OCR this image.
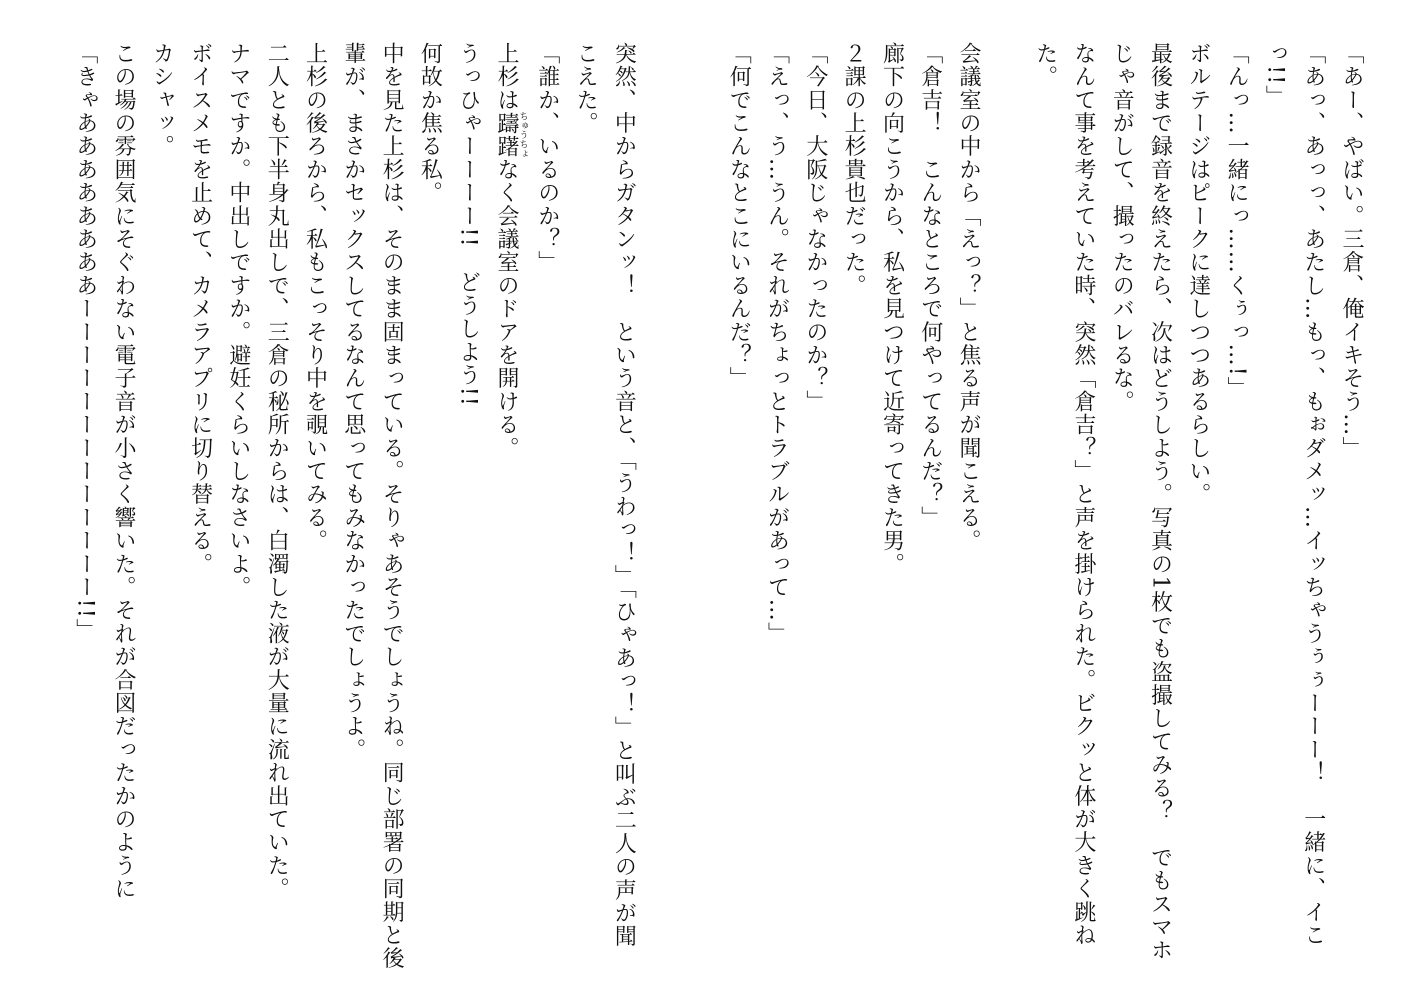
「あー、やばい。三倉、俺イキそう…」
「あっ、あっっ、あたし…もっ、もぉダメッ…イッちゃうぅぅーーー！　一緒に、イこ
っ!!」
「んっ…一緒にっ……くぅっ…!」
ボルテージはピークに達しつつあるらしい。
最後まで録音を終えたら、次はどうしよう。写真の1枚でも盗撮してみる？　でもスマホ
じゃ音がして、撮ったのバレるな。
なんて事を考えていた時、突然「倉吉？」と声を掛けられた。ビクッと体が大きく跳ね
た。
会議室の中から「えっ？」と焦る声が聞こえる。
「倉吉！　こんなところで何やってるんだ？」
廊下の向こうから、私を見つけて近寄ってきた男。
２課の上杉貴也だった。
「今日、大阪じゃなかったのか？」
「えっ、う…うん。それがちょっとトラブルがあって…」
「何でこんなとこにいるんだ？」
突然、中からガタンッ！　という音と、「うわっ！」「ひゃあっ！」と叫ぶ二人の声が聞
こえた。
「誰か、いるのか？」
上杉は躊躇ちゅうちょなく会議室のドアを開ける。
うっひゃーーーー!!　どうしよう!!
何故か焦る私。
中を見た上杉は、そのまま固まっている。そりゃあそうでしょうね。同じ部署の同期と後
輩が、まさかセックスしてるなんて思ってもみなかったでしょうよ。
上杉の後ろから、私もこっそり中を覗いてみる。
二人とも下半身丸出しで、三倉の秘所からは、白濁した液が大量に流れ出ていた。
ナマですか。中出しですか。避妊くらいしなさいよ。
ボイスメモを止めて、カメラアプリに切り替える。
カシャッ。
この場の雰囲気にそぐわない電子音が小さく響いた。それが合図だったかのように
「きゃああああああああーーーーーーーーーーーーー!!」
